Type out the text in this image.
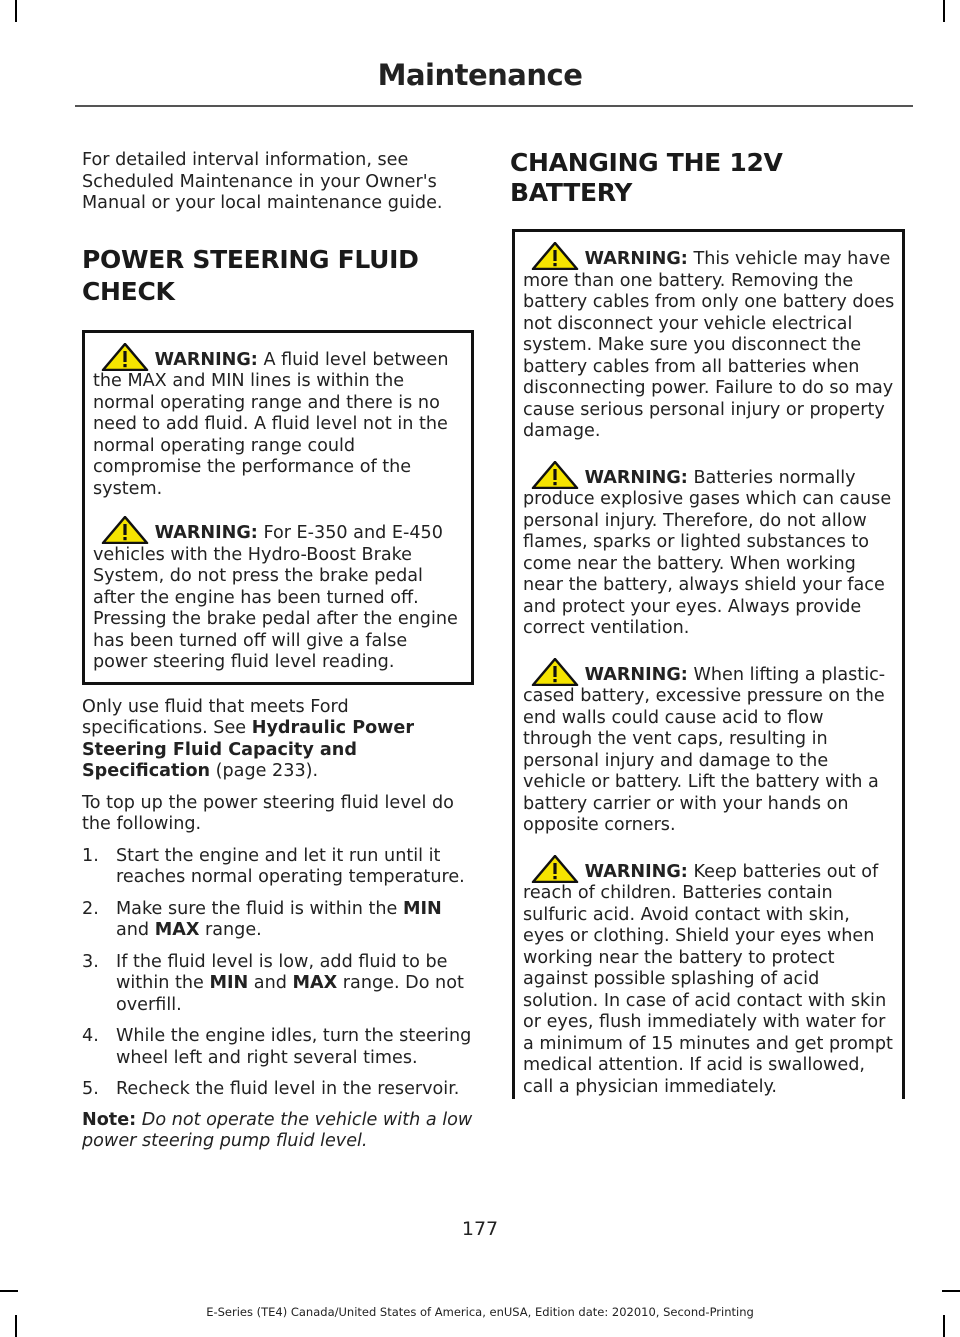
Maintenance

For detailed interval information, see Scheduled Maintenance in your Owner's Manual or your local maintenance guide.

POWER STEERING FLUID

CHECK

WARNING: A fluid level between the MAX and MIN lines is within the normal operating range and there is no need to add fluid. A fluid level not in the normal operating range could compromise the performance of the system.

WARNING: For E-350 and E-450 vehicles with the Hydro-Boost Brake System, do not press the brake pedal after the engine has been turned off. Pressing the brake pedal after the engine has been turned off will give a false power steering fluid level reading.

Only use fluid that meets Ford specifications. See Hydraulic Power Steering Fluid Capacity and Specification (page 233).

To top up the power steering fluid level do the following.

1. Start the engine and let it run until it reaches normal operating temperature.
2. Make sure the fluid is within the MIN and MAX range.
3. If the fluid level is low, add fluid to be within the MIN and MAX range. Do not overfill.
4. While the engine idles, turn the steering wheel left and right several times.
5. Recheck the fluid level in the reservoir.

Note: Do not operate the vehicle with a low power steering pump fluid level.

CHANGING THE 12V BATTERY

WARNING: This vehicle may have more than one battery. Removing the battery cables from only one battery does not disconnect your vehicle electrical system. Make sure you disconnect the battery cables from all batteries when disconnecting power. Failure to do so may cause serious personal injury or property damage.

WARNING: Batteries normally produce explosive gases which can cause personal injury. Therefore, do not allow flames, sparks or lighted substances to come near the battery. When working near the battery, always shield your face and protect your eyes. Always provide correct ventilation.

WARNING: When lifting a plastic-cased battery, excessive pressure on the end walls could cause acid to flow through the vent caps, resulting in personal injury and damage to the vehicle or battery. Lift the battery with a battery carrier or with your hands on opposite corners.

WARNING: Keep batteries out of reach of children. Batteries contain sulfuric acid. Avoid contact with skin, eyes or clothing. Shield your eyes when working near the battery to protect against possible splashing of acid solution. In case of acid contact with skin or eyes, flush immediately with water for a minimum of 15 minutes and get prompt medical attention. If acid is swallowed, call a physician immediately.

177
E-Series (TE4) Canada/United States of America, enUSA, Edition date: 202010, Second-Printing
